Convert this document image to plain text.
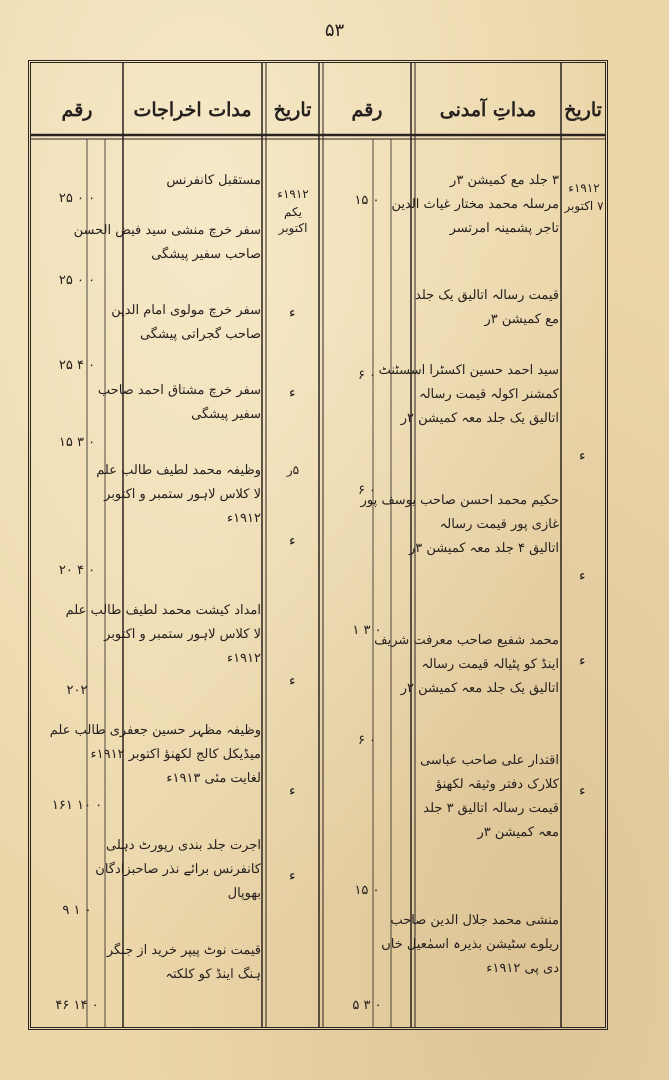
۵۳
تاریخ
مداتِ آمدنی
رقم
تاریخ
مدات اخراجات
رقم
۱۹۱۲ء
۷ اکتوبر
۱۹۱۲ء
یکم اکتوبر
۵ر
۳ جلد مع کمیشن ۳ر
مرسلہ محمد مختار غیاث الدین
تاجر پشمینہ امرتسر
۱۵ ۰
قیمت رسالہ اتالیق یک جلد
مع کمیشن ۳ر
۶ ۰ سید احمد حسین اکسٹرا اسسٹنٹ
کمشنر اکولہ قیمت رسالہ
اتالیق یک جلد معہ کمیشن ۲ر
۶ ۰
حکیم محمد احسن صاحب یوسف پور
غازی پور قیمت رسالہ
اتالیق ۴ جلد معہ کمیشن ۳ر
۱ ۳ ۰
محمد شفیع صاحب معرفت شریف
اینڈ کو پٹیالہ قیمت رسالہ
اتالیق یک جلد معہ کمیشن ۲ر
۶ ۰
اقتدار علی صاحب عباسی
کلارک دفتر وثیقہ لکھنؤ
قیمت رسالہ اتالیق ۳ جلد
معہ کمیشن ۳ر
۱۵ ۰
منشی محمد جلال الدین صاحب
ریلوے سٹیشن بذیرہ اسمٰعیل خاں
دی پی ۱۹۱۲ء
۵ ۳ ۰
مستقبل کانفرنس
۲۵ ۰ ۰
سفر خرچ منشی سید فیض الحسن
صاحب سفیر پیشگی
۲۵ ۰ ۰
سفر خرچ مولوی امام الدین
صاحب گجراتی پیشگی
۲۵ ۴ ۰
سفر خرچ مشتاق احمد صاحب
سفیر پیشگی
۱۵ ۳ ۰
وظیفہ محمد لطیف طالب علم
لا کلاس لاہور ستمبر و اکتوبر
۱۹۱۲ء
۲۰ ۴ ۰
امداد کیشت محمد لطیف طالب علم
لا کلاس لاہور ستمبر و اکتوبر
۱۹۱۲ء
۲۰۲
وظیفہ مظہر حسین جعفری طالب علم
میڈیکل کالج لکھنؤ اکتوبر ۱۹۱۲ء
لغایت مئی ۱۹۱۳ء
۱۶۱ ۱۰ ۰
اجرت جلد بندی رپورٹ دہلی
کانفرنس برائے نذر صاحبزادگان
بھوپال
۹ ۱ ۰
قیمت نوٹ پیپر خرید از جنگر
ہنگ اینڈ کو کلکتہ
۴۶ ۱۴ ۰
ء
ء
ء
ء
ء
ء
ء
ء
ء
ء
